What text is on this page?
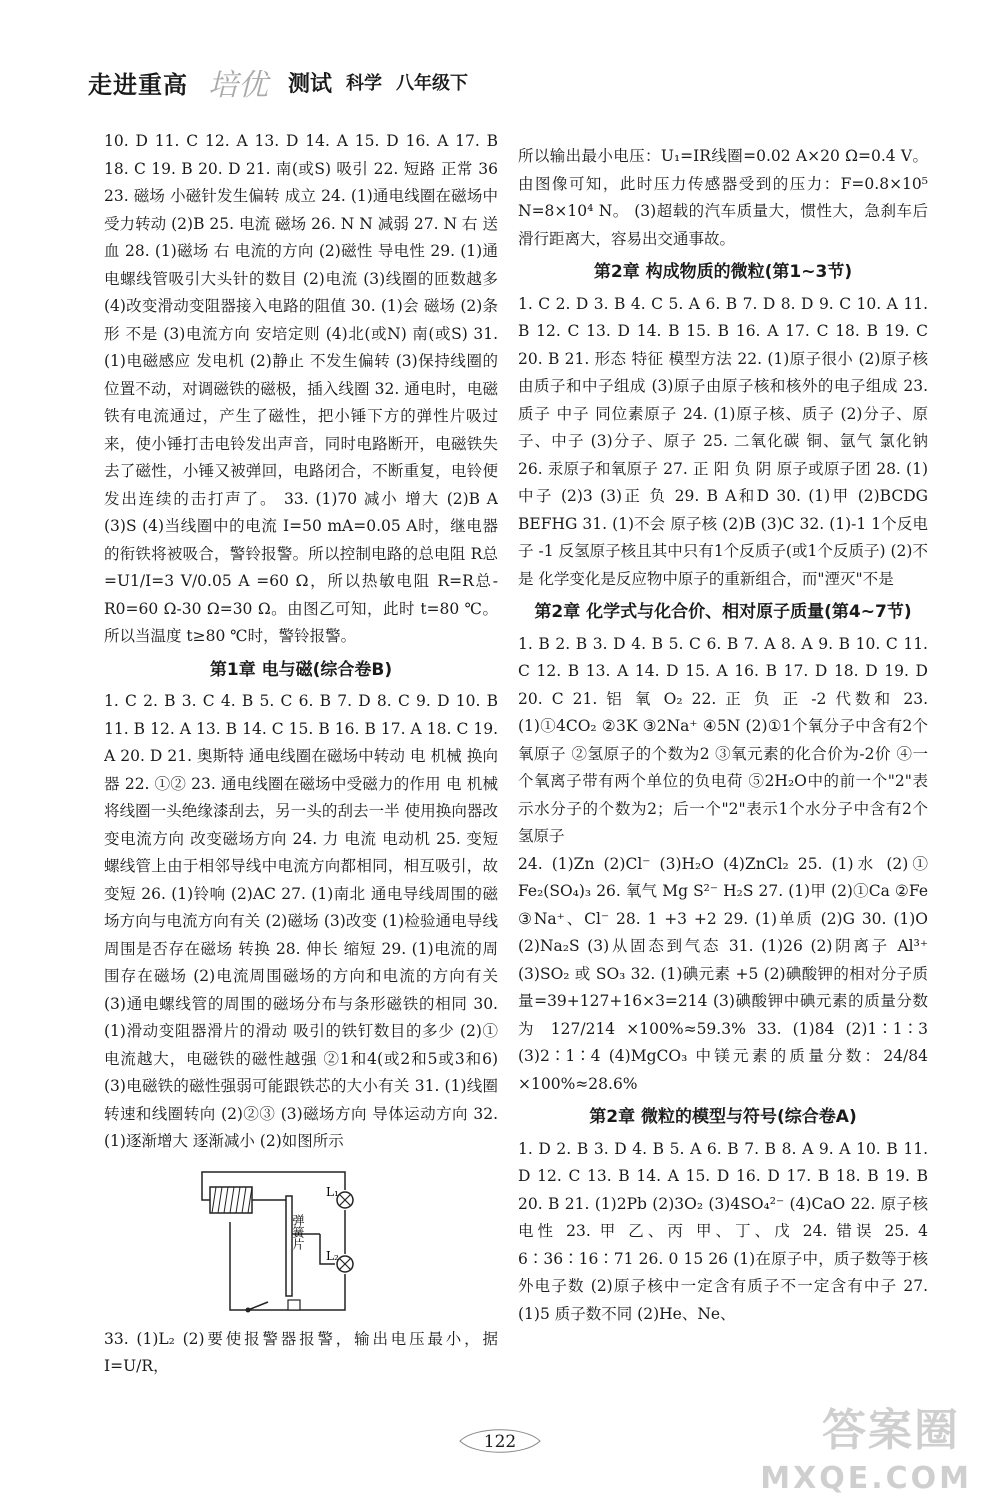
走进重高 培优 测试 科学 八年级下

10. D 11. C 12. A 13. D 14. A 15. D 16. A 17. B 18. C 19. B 20. D 21. 南(或S) 吸引 22. 短路 正常 36 23. 磁场 小磁针发生偏转 成立 24. (1)通电线圈在磁场中受力转动 (2)B 25. 电流 磁场 26. N N 减弱 27. N 右 送血 28. (1)磁场 右 电流的方向 (2)磁性 导电性 29. (1)通电螺线管吸引大头针的数目 (2)电流 (3)线圈的匝数越多 (4)改变滑动变阻器接入电路的阻值 30. (1)会 磁场 (2)条形 不是 (3)电流方向 安培定则 (4)北(或N) 南(或S) 31. (1)电磁感应 发电机 (2)静止 不发生偏转 (3)保持线圈的位置不动，对调磁铁的磁极，插入线圈 32. 通电时，电磁铁有电流通过，产生了磁性，把小锤下方的弹性片吸过来，使小锤打击电铃发出声音，同时电路断开，电磁铁失去了磁性，小锤又被弹回，电路闭合，不断重复，电铃便发出连续的击打声了。 33. (1)70 减小 增大 (2)B A (3)S (4)当线圈中的电流 I=50 mA=0.05 A时，继电器的衔铁将被吸合，警铃报警。所以控制电路的总电阻 R总=U1/I=3 V/0.05 A =60 Ω，所以热敏电阻 R=R总-R0=60 Ω-30 Ω=30 Ω。由图乙可知，此时 t=80 ℃。所以当温度 t≥80 ℃时，警铃报警。

第1章 电与磁(综合卷B)

1. C 2. B 3. C 4. B 5. C 6. B 7. D 8. C 9. D 10. B 11. B 12. A 13. B 14. C 15. B 16. B 17. A 18. C 19. A 20. D 21. 奥斯特 通电线圈在磁场中转动 电 机械 换向器 22. ①② 23. 通电线圈在磁场中受磁力的作用 电 机械 将线圈一头绝缘漆刮去，另一头的刮去一半 使用换向器改变电流方向 改变磁场方向 24. 力 电流 电动机 25. 变短 螺线管上由于相邻导线中电流方向都相同，相互吸引，故变短 26. (1)铃响 (2)AC 27. (1)南北 通电导线周围的磁场方向与电流方向有关 (2)磁场 (3)改变 (1)检验通电导线周围是否存在磁场 转换 28. 伸长 缩短 29. (1)电流的周围存在磁场 (2)电流周围磁场的方向和电流的方向有关 (3)通电螺线管的周围的磁场分布与条形磁铁的相同 30. (1)滑动变阻器滑片的滑动 吸引的铁钉数目的多少 (2)①电流越大，电磁铁的磁性越强 ②1和4(或2和5或3和6) (3)电磁铁的磁性强弱可能跟铁芯的大小有关 31. (1)线圈转速和线圈转向 (2)②③ (3)磁场方向 导体运动方向 32. (1)逐渐增大 逐渐减小 (2)如图所示

L₁
L₂
弹簧片

33. (1)L₂ (2)要使报警器报警，输出电压最小，据 I=U/R，

所以输出最小电压：U₁=IR线圈=0.02 A×20 Ω=0.4 V。由图像可知，此时压力传感器受到的压力：F=0.8×10⁵ N=8×10⁴ N。 (3)超载的汽车质量大，惯性大，急刹车后滑行距离大，容易出交通事故。

第2章 构成物质的微粒(第1~3节)

1. C 2. D 3. B 4. C 5. A 6. B 7. D 8. D 9. C 10. A 11. B 12. C 13. D 14. B 15. B 16. A 17. C 18. B 19. C 20. B 21. 形态 特征 模型方法 22. (1)原子很小 (2)原子核由质子和中子组成 (3)原子由原子核和核外的电子组成 23. 质子 中子 同位素原子 24. (1)原子核、质子 (2)分子、原子、中子 (3)分子、原子 25. 二氧化碳 铜、氩气 氯化钠 26. 汞原子和氧原子 27. 正 阳 负 阴 原子或原子团 28. (1)中子 (2)3 (3)正 负 29. B A和D 30. (1)甲 (2)BCDG BEFHG 31. (1)不会 原子核 (2)B (3)C 32. (1)-1 1个反电子 -1 反氢原子核且其中只有1个反质子(或1个反质子) (2)不是 化学变化是反应物中原子的重新组合，而"湮灭"不是

第2章 化学式与化合价、相对原子质量(第4~7节)

1. B 2. B 3. D 4. B 5. C 6. B 7. A 8. A 9. B 10. C 11. C 12. B 13. A 14. D 15. A 16. B 17. D 18. D 19. D 20. C 21. 铝 氧 O₂ 22. 正 负 正 -2 代数和 23. (1)①4CO₂ ②3K ③2Na⁺ ④5N (2)①1个氧分子中含有2个氧原子 ②氢原子的个数为2 ③氧元素的化合价为-2价 ④一个氧离子带有两个单位的负电荷 ⑤2H₂O中的前一个"2"表示水分子的个数为2；后一个"2"表示1个水分子中含有2个氢原子

24. (1)Zn (2)Cl⁻ (3)H₂O (4)ZnCl₂ 25. (1)水 (2)① Fe₂(SO₄)₃ 26. 氧气 Mg S²⁻ H₂S 27. (1)甲 (2)①Ca ②Fe ③Na⁺、Cl⁻ 28. 1 +3 +2 29. (1)单质 (2)G 30. (1)O (2)Na₂S (3)从固态到气态 31. (1)26 (2)阴离子 Al³⁺ (3)SO₂ 或 SO₃ 32. (1)碘元素 +5 (2)碘酸钾的相对分子质量=39+127+16×3=214 (3)碘酸钾中碘元素的质量分数为 127/214 ×100%≈59.3% 33. (1)84 (2)1∶1∶3 (3)2∶1∶4 (4)MgCO₃ 中镁元素的质量分数：24/84 ×100%≈28.6%

第2章 微粒的模型与符号(综合卷A)

1. D 2. B 3. D 4. B 5. A 6. B 7. B 8. A 9. A 10. B 11. D 12. C 13. B 14. A 15. D 16. D 17. B 18. B 19. B 20. B 21. (1)2Pb (2)3O₂ (3)4SO₄²⁻ (4)CaO 22. 原子核 电性 23. 甲 乙、丙 甲、丁、戊 24. 错误 25. 4 6∶36∶16∶71 26. 0 15 26 (1)在原子中，质子数等于核外电子数 (2)原子核中一定含有质子不一定含有中子 27. (1)5 质子数不同 (2)He、Ne、

122	答案圈
MXQE.COM
